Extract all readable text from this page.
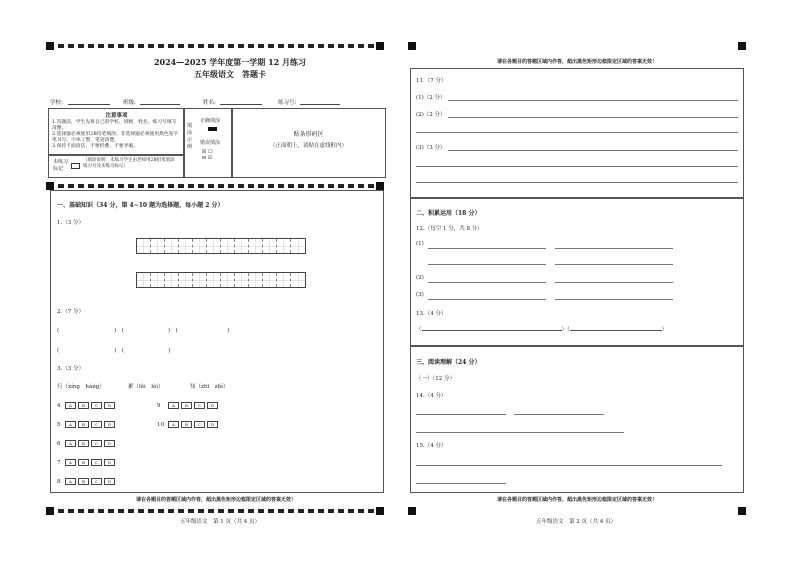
2024—2025 学年度第一学期 12 月练习
五年级语文　答题卡
学校:	班级:	姓名:	练习号:
注意事项
1.答题前，学生先将自己的学校、班级、姓名、练习号填写清楚。
2.选择题必须使用2B铅笔填涂；非选择题必须使用黑色签字笔书写，字体工整、笔迹清楚。
3.保持卡面清洁，不要折叠、不要弄破。
填涂示例
正确填涂
错误填涂
☒ ☐
⊟ ☑
贴条形码区
（正面朝上，请贴在虚线框内）
未练习标记
（填涂说明：未练习学生由老师用2B铅笔填涂练习号及未练习标记）
一、基础知识（34 分，第 4~10 题为选择题，每小题 2 分）
1.（3 分）
2.（7 分）
(　　　　　　　　　　)　(　　　　　　　　)　(　　　　　　　　　)
(　　　　　　　　　　)　(　　　　　　　　)
3.（3 分）
行（xíng　háng）	累（lěi　lèi）	知（zhī　zhì）
4 A	B	C D
5 A	B	C D
6 A	B	C D
7 A	B	C D
8 A	B	C D
9	A	B	C D
10 A	B	C D
请在各题目的答题区域内作答，超出黑色矩形边框限定区域的答案无效！
五年级语文　第 1 页（共 4 页）
请在各题目的答题区域内作答，超出黑色矩形边框限定区域的答案无效！
11.（7 分）
(1)（2 分）
(2)（2 分）
(3)（3 分）
二、积累运用（18 分）
12.（每空 1 分，共 8 分）
(1)
(2)
(3)
13.（4 分）
（	）（	）
三、阅读理解（24 分）
（一）（12 分）
14.（4 分）
15.（4 分）
请在各题目的答题区域内作答，超出黑色矩形边框限定区域的答案无效！
五年级语文　第 2 页（共 4 页）
